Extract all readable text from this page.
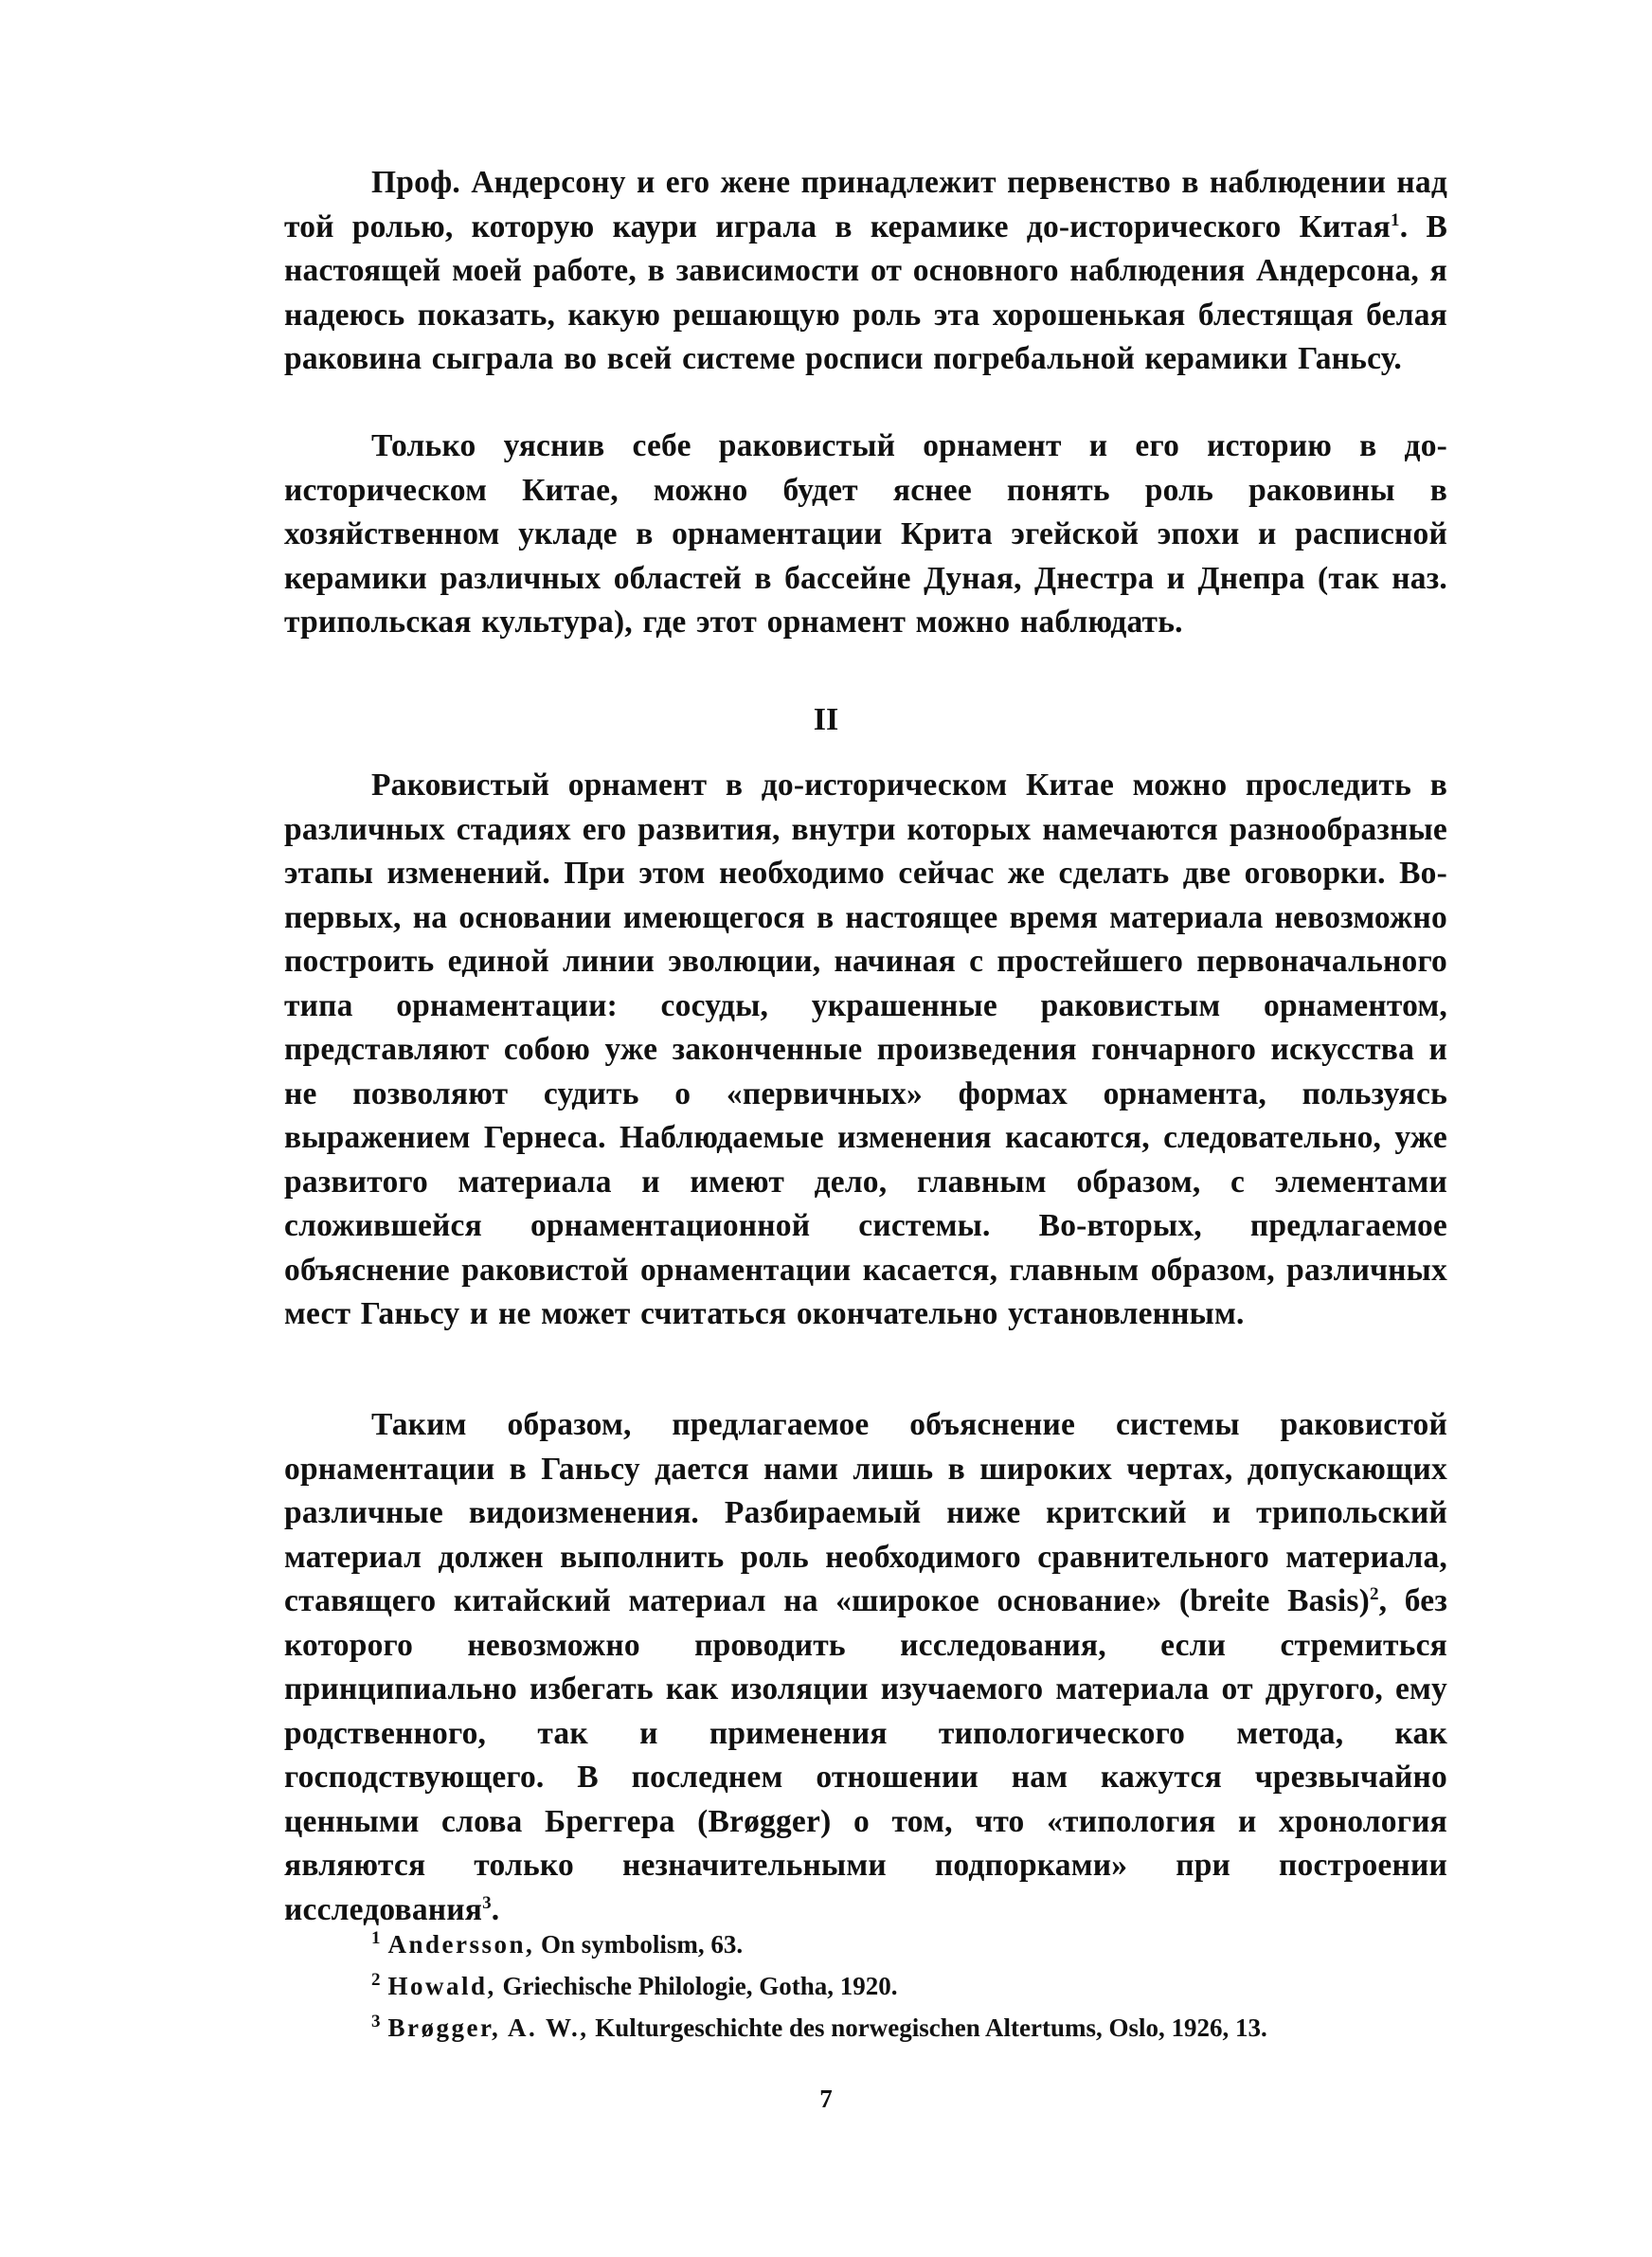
Проф. Андерсону и его жене принадлежит первенство в наблюдении над той ролью, которую каури играла в керамике до-исторического Китая$^1$. В настоящей моей работе, в зависимости от основного наблюдения Андерсона, я надеюсь показать, какую решающую роль эта хорошенькая блестящая белая раковина сыграла во всей системе росписи погребальной керамики Ганьсу.

Только уяснив себе раковистый орнамент и его историю в до-историческом Китае, можно будет яснее понять роль раковины в хозяйственном укладе в орнаментации Крита эгейской эпохи и расписной керамики различных областей в бассейне Дуная, Днестра и Днепра (так наз. трипольская культура), где этот орнамент можно наблюдать.

II

Раковистый орнамент в до-историческом Китае можно проследить в различных стадиях его развития, внутри которых намечаются разнообразные этапы изменений. При этом необходимо сейчас же сделать две оговорки. Во-первых, на основании имеющегося в настоящее время материала невозможно построить единой линии эволюции, начиная с простейшего первоначального типа орнаментации: сосуды, украшенные раковистым орнаментом, представляют собою уже законченные произведения гончарного искусства и не позволяют судить о «первичных» формах орнамента, пользуясь выражением Гернеса. Наблюдаемые изменения касаются, следовательно, уже развитого материала и имеют дело, главным образом, с элементами сложившейся орнаментационной системы. Во-вторых, предлагаемое объяснение раковистой орнаментации касается, главным образом, различных мест Ганьсу и не может считаться окончательно установленным.

Таким образом, предлагаемое объяснение системы раковистой орнаментации в Ганьсу дается нами лишь в широких чертах, допускающих различные видоизменения. Разбираемый ниже критский и трипольский материал должен выполнить роль необходимого сравнительного материала, ставящего китайский материал на «широкое основание» (breite Basis)$^2$, без которого невозможно проводить исследования, если стремиться принципиально избегать как изоляции изучаемого материала от другого, ему родственного, так и применения типологического метода, как господствующего. В последнем отношении нам кажутся чрезвычайно ценными слова Бреггера (Brøgger) о том, что «типология и хронология являются только незначительными подпорками» при построении исследования$^3$.

$^1$ Andersson, On symbolism, 63.

$^2$ Howald, Griechische Philologie, Gotha, 1920.

$^3$ Brøgger, A. W., Kulturgeschichte des norwegischen Altertums, Oslo, 1926, 13.

7
